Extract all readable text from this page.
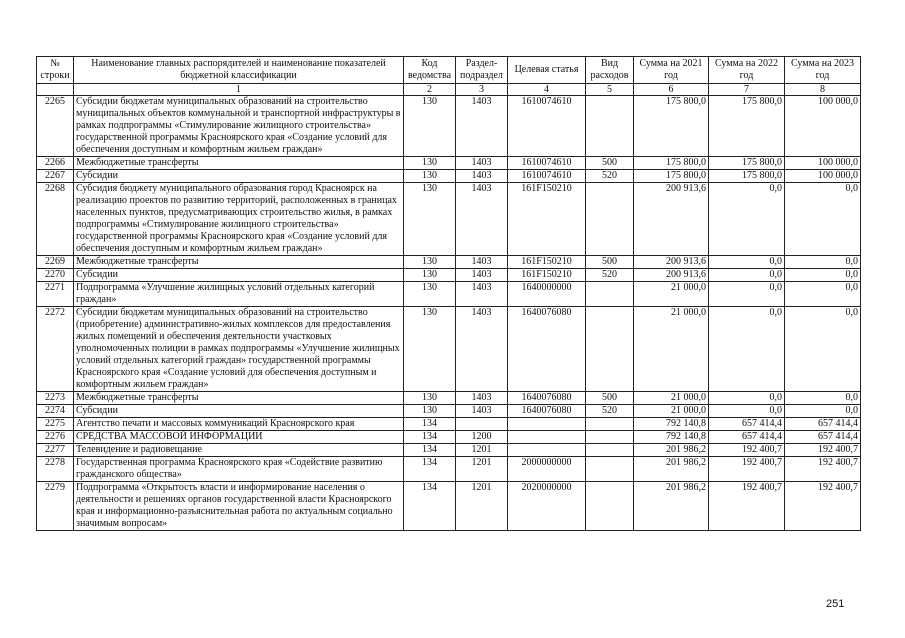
№ строки	Наименование главных распорядителей и наименование показателей бюджетной классификации	Код ведомства	Раздел-подраздел	Целевая статья	Вид расходов	Сумма на 2021 год	Сумма на 2022 год	Сумма на 2023 год
	1	2	3	4	5	6	7	8
2265	Субсидии бюджетам муниципальных образований на строительство муниципальных объектов коммунальной и транспортной инфраструктуры в рамках подпрограммы «Стимулирование жилищного строительства» государственной программы Красноярского края «Создание условий для обеспечения доступным и комфортным жильем граждан»	130	1403	1610074610		175 800,0	175 800,0	100 000,0
2266	Межбюджетные трансферты	130	1403	1610074610	500	175 800,0	175 800,0	100 000,0
2267	Субсидии	130	1403	1610074610	520	175 800,0	175 800,0	100 000,0
2268	Субсидия бюджету муниципального образования город Красноярск на реализацию проектов по развитию территорий, расположенных в границах населенных пунктов, предусматривающих строительство жилья, в рамках подпрограммы «Стимулирование жилищного строительства» государственной программы Красноярского края «Создание условий для обеспечения доступным и комфортным жильем граждан»	130	1403	161F150210		200 913,6	0,0	0,0
2269	Межбюджетные трансферты	130	1403	161F150210	500	200 913,6	0,0	0,0
2270	Субсидии	130	1403	161F150210	520	200 913,6	0,0	0,0
2271	Подпрограмма «Улучшение жилищных условий отдельных категорий граждан»	130	1403	1640000000		21 000,0	0,0	0,0
2272	Субсидии бюджетам муниципальных образований на строительство (приобретение) административно-жилых комплексов для предоставления жилых помещений и обеспечения деятельности участковых уполномоченных полиции в рамках подпрограммы «Улучшение жилищных условий отдельных категорий граждан» государственной программы Красноярского края «Создание условий для обеспечения доступным и комфортным жильем граждан»	130	1403	1640076080		21 000,0	0,0	0,0
2273	Межбюджетные трансферты	130	1403	1640076080	500	21 000,0	0,0	0,0
2274	Субсидии	130	1403	1640076080	520	21 000,0	0,0	0,0
2275	Агентство печати и массовых коммуникаций Красноярского края	134				792 140,8	657 414,4	657 414,4
2276	СРЕДСТВА МАССОВОЙ ИНФОРМАЦИИ	134	1200			792 140,8	657 414,4	657 414,4
2277	Телевидение и радиовещание	134	1201			201 986,2	192 400,7	192 400,7
2278	Государственная программа Красноярского края «Содействие развитию гражданского общества»	134	1201	2000000000		201 986,2	192 400,7	192 400,7
2279	Подпрограмма «Открытость власти и информирование населения о деятельности и решениях органов государственной власти Красноярского края и информационно-разъяснительная работа по актуальным социально значимым вопросам»	134	1201	2020000000		201 986,2	192 400,7	192 400,7
251
